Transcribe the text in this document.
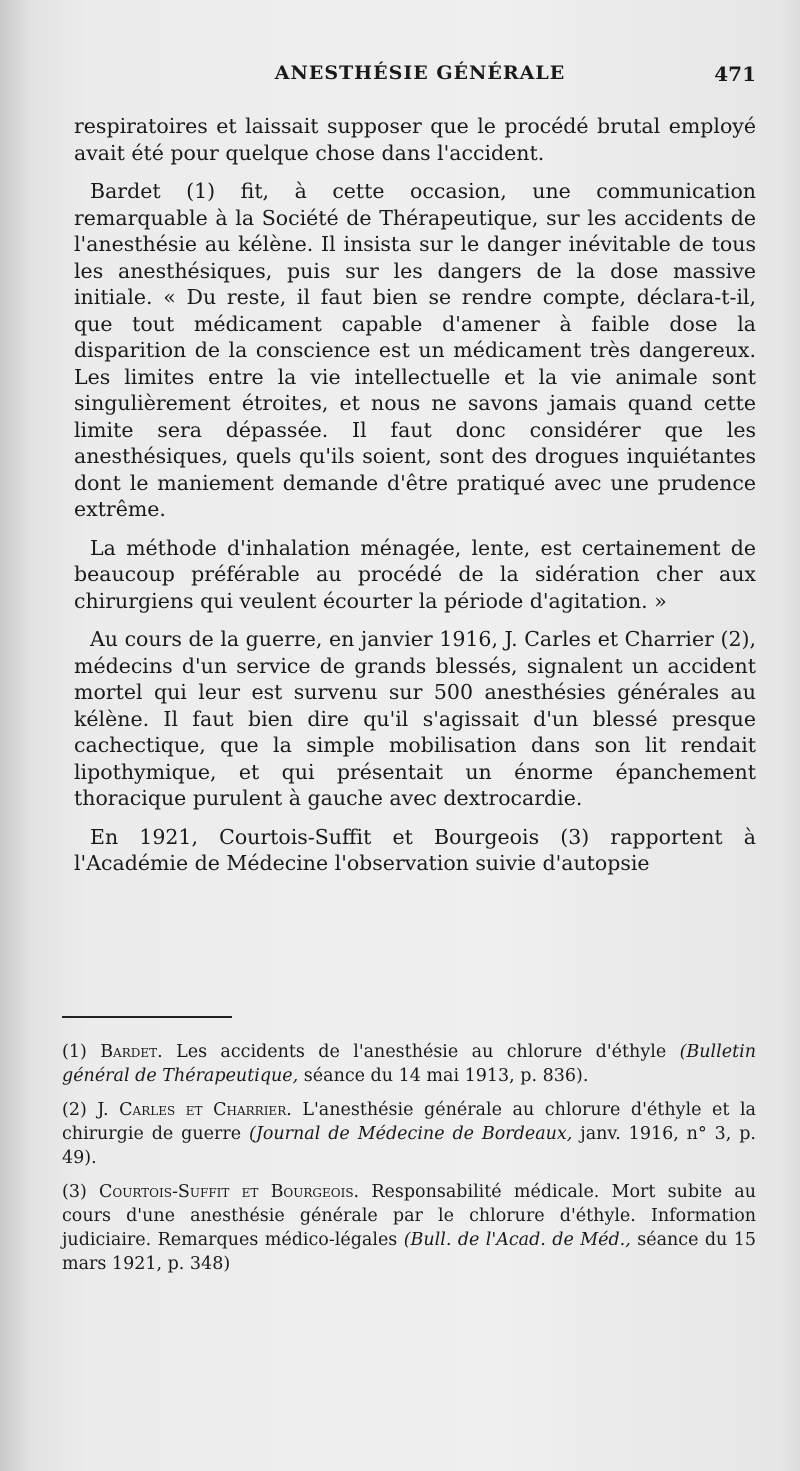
ANESTHÉSIE GÉNÉRALE	471

respiratoires et laissait supposer que le procédé brutal employé avait été pour quelque chose dans l'accident.

Bardet (1) fit, à cette occasion, une communication remarquable à la Société de Thérapeutique, sur les accidents de l'anesthésie au kélène. Il insista sur le danger inévitable de tous les anesthésiques, puis sur les dangers de la dose massive initiale. « Du reste, il faut bien se rendre compte, déclara-t-il, que tout médicament capable d'amener à faible dose la disparition de la conscience est un médicament très dangereux. Les limites entre la vie intellectuelle et la vie animale sont singulièrement étroites, et nous ne savons jamais quand cette limite sera dépassée. Il faut donc considérer que les anesthésiques, quels qu'ils soient, sont des drogues inquiétantes dont le maniement demande d'être pratiqué avec une prudence extrême.

La méthode d'inhalation ménagée, lente, est certainement de beaucoup préférable au procédé de la sidération cher aux chirurgiens qui veulent écourter la période d'agitation. »

Au cours de la guerre, en janvier 1916, J. Carles et Charrier (2), médecins d'un service de grands blessés, signalent un accident mortel qui leur est survenu sur 500 anesthésies générales au kélène. Il faut bien dire qu'il s'agissait d'un blessé presque cachectique, que la simple mobilisation dans son lit rendait lipothymique, et qui présentait un énorme épanchement thoracique purulent à gauche avec dextrocardie.

En 1921, Courtois-Suffit et Bourgeois (3) rapportent à l'Académie de Médecine l'observation suivie d'autopsie

(1) Bardet. Les accidents de l'anesthésie au chlorure d'éthyle (Bulletin général de Thérapeutique, séance du 14 mai 1913, p. 836).

(2) J. Carles et Charrier. L'anesthésie générale au chlorure d'éthyle et la chirurgie de guerre (Journal de Médecine de Bordeaux, janv. 1916, n° 3, p. 49).

(3) Courtois-Suffit et Bourgeois. Responsabilité médicale. Mort subite au cours d'une anesthésie générale par le chlorure d'éthyle. Information judiciaire. Remarques médico-légales (Bull. de l'Acad. de Méd., séance du 15 mars 1921, p. 348)
